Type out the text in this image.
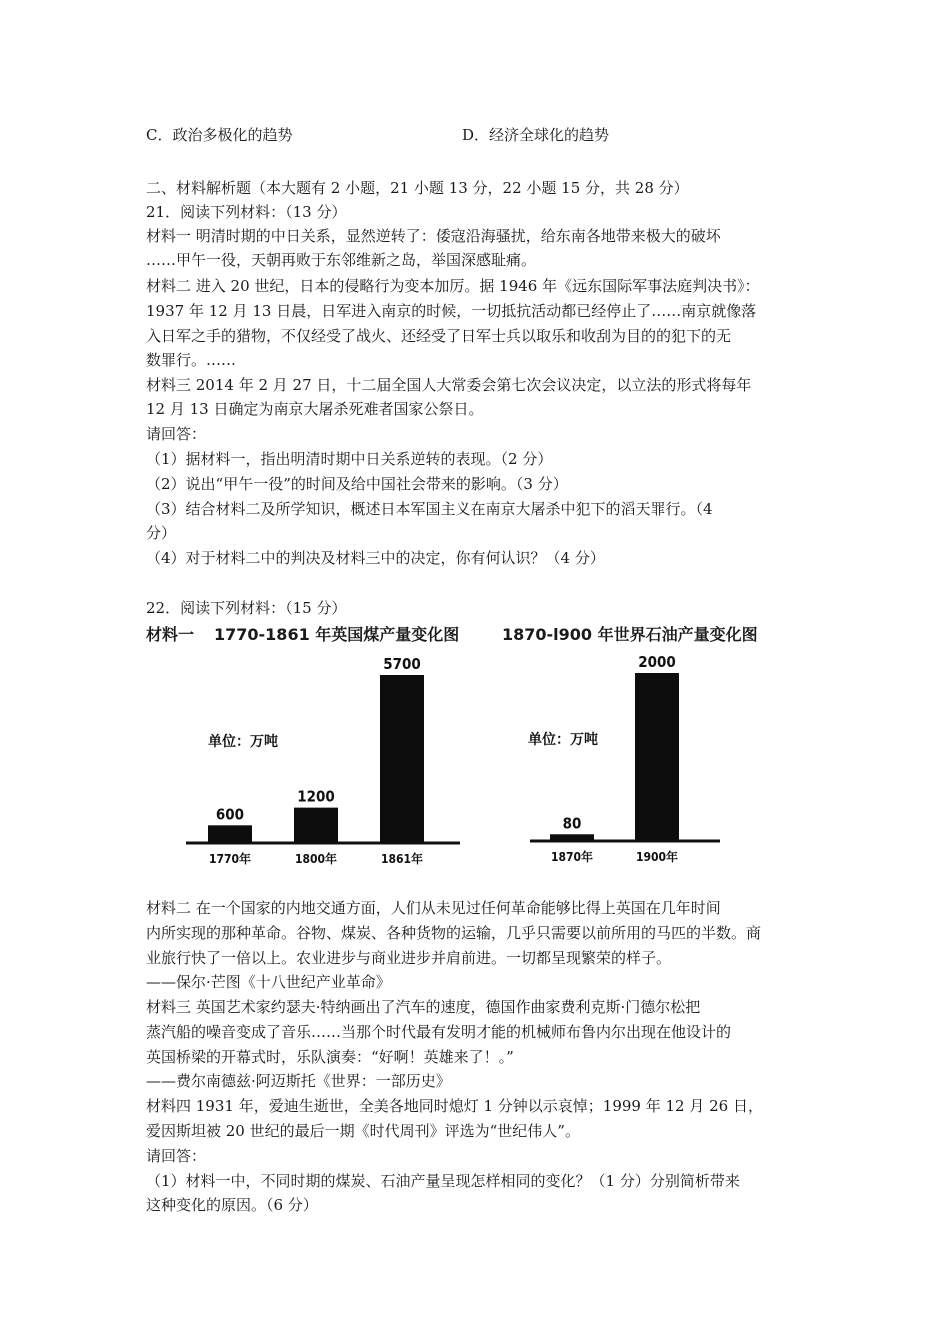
C．政治多极化的趋势	D．经济全球化的趋势
二、材料解析题（本大题有 2 小题，21 小题 13 分，22 小题 15 分，共 28 分）
21．阅读下列材料：（13 分）
材料一 明清时期的中日关系，显然逆转了：倭寇沿海骚扰，给东南各地带来极大的破坏
……甲午一役，天朝再败于东邻维新之岛，举国深感耻痛。
材料二 进入 20 世纪，日本的侵略行为变本加厉。据 1946 年《远东国际军事法庭判决书》：
1937 年 12 月 13 日晨，日军进入南京的时候，一切抵抗活动都已经停止了……南京就像落
入日军之手的猎物，不仅经受了战火、还经受了日军士兵以取乐和收刮为目的的犯下的无
数罪行。……
材料三 2014 年 2 月 27 日，十二届全国人大常委会第七次会议决定，以立法的形式将每年
12 月 13 日确定为南京大屠杀死难者国家公祭日。
请回答：
（1）据材料一，指出明清时期中日关系逆转的表现。（2 分）
（2）说出“甲午一役”的时间及给中国社会带来的影响。（3 分）
（3）结合材料二及所学知识，概述日本军国主义在南京大屠杀中犯下的滔天罪行。（4
分）
（4）对于材料二中的判决及材料三中的决定，你有何认识？（4 分）
22．阅读下列材料：（15 分）
材料一 1770-1861 年英国煤产量变化图	1870-l900 年世界石油产量变化图
材料二 在一个国家的内地交通方面，人们从未见过任何革命能够比得上英国在几年时间
内所实现的那种革命。谷物、煤炭、各种货物的运输，几乎只需要以前所用的马匹的半数。商
业旅行快了一倍以上。农业进步与商业进步并肩前进。一切都呈现繁荣的样子。
——保尔·芒图《十八世纪产业革命》
材料三 英国艺术家约瑟夫·特纳画出了汽车的速度，德国作曲家费利克斯·门德尔松把
蒸汽船的噪音变成了音乐……当那个时代最有发明才能的机械师布鲁内尔出现在他设计的
英国桥梁的开幕式时，乐队演奏：“好啊！英雄来了！。”
——费尔南德兹·阿迈斯托《世界：一部历史》
材料四 1931 年，爱迪生逝世，全美各地同时熄灯 1 分钟以示哀悼；1999 年 12 月 26 日，
爱因斯坦被 20 世纪的最后一期《时代周刊》评选为“世纪伟人”。
请回答：
（1）材料一中，不同时期的煤炭、石油产量呈现怎样相同的变化？（1 分）分别简析带来
这种变化的原因。（6 分）
单位：万吨
600
1770年
1200
1800年
5700
1861年
单位：万吨
80
1870年
2000
1900年
